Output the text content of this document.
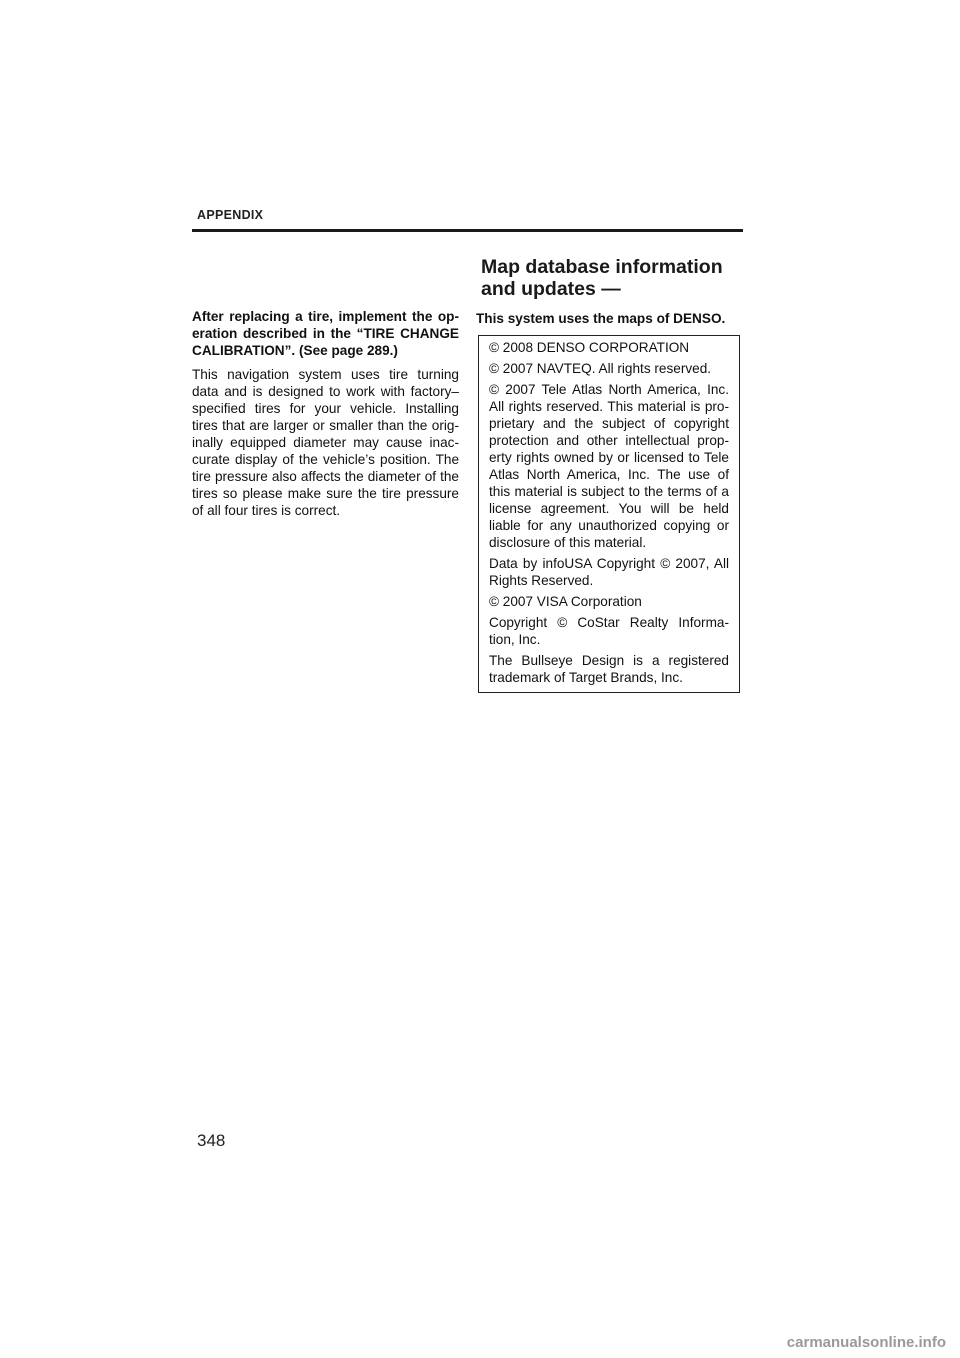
APPENDIX

After replacing a tire, implement the op- eration described in the “TIRE CHANGE CALIBRATION”. (See page 289.)

This navigation system uses tire turning data and is designed to work with factory– specified tires for your vehicle. Installing tires that are larger or smaller than the orig- inally equipped diameter may cause inac- curate display of the vehicle’s position. The tire pressure also affects the diameter of the tires so please make sure the tire pressure of all four tires is correct.

Map database information and updates —

This system uses the maps of DENSO.

© 2008 DENSO CORPORATION

© 2007 NAVTEQ. All rights reserved.

© 2007 Tele Atlas North America, Inc. All rights reserved. This material is pro- prietary and the subject of copyright protection and other intellectual prop- erty rights owned by or licensed to Tele Atlas North America, Inc. The use of this material is subject to the terms of a license agreement. You will be held liable for any unauthorized copying or disclosure of this material.

Data by infoUSA Copyright © 2007, All Rights Reserved.

© 2007 VISA Corporation

Copyright © CoStar Realty Informa- tion, Inc.

The Bullseye Design is a registered trademark of Target Brands, Inc.

348
carmanualsonline.info
